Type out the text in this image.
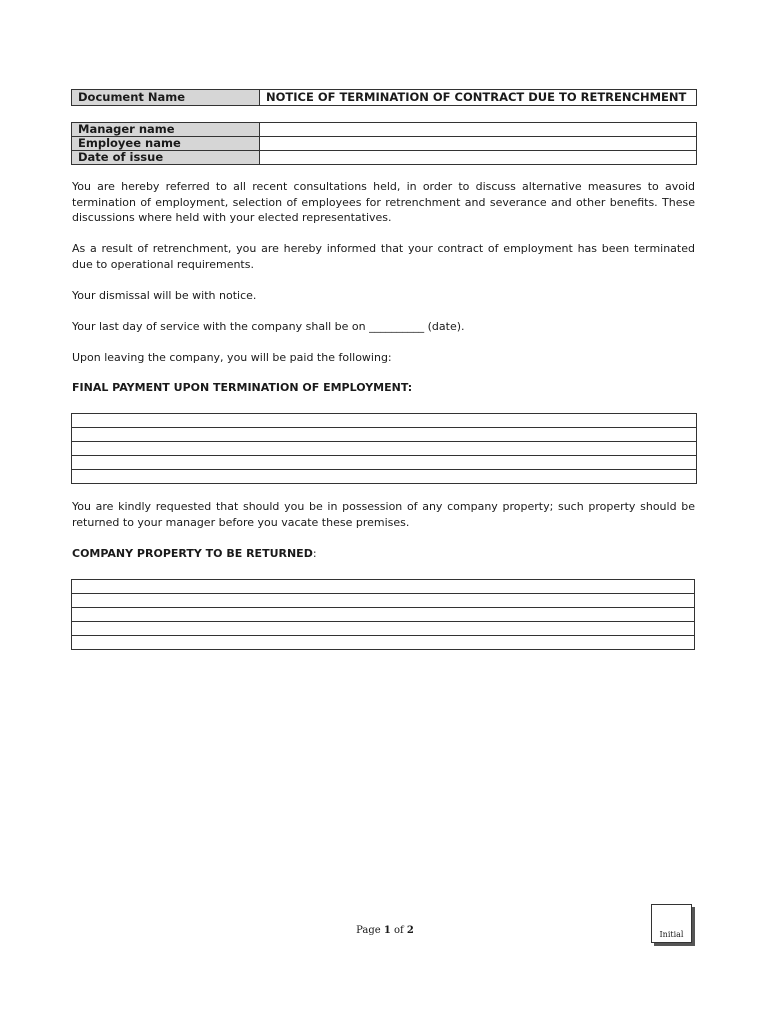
Document Name	NOTICE OF TERMINATION OF CONTRACT DUE TO RETRENCHMENT
Manager name	
Employee name	
Date of issue	
You are hereby referred to all recent consultations held, in order to discuss alternative measures to avoid termination of employment, selection of employees for retrenchment and severance and other benefits. These discussions where held with your elected representatives.
As a result of retrenchment, you are hereby informed that your contract of employment has been terminated due to operational requirements.
Your dismissal will be with notice.
Your last day of service with the company shall be on __________ (date).
Upon leaving the company, you will be paid the following:
FINAL PAYMENT UPON TERMINATION OF EMPLOYMENT:

You are kindly requested that should you be in possession of any company property; such property should be returned to your manager before you vacate these premises.
COMPANY PROPERTY TO BE RETURNED:

Page 1 of 2	Initial
